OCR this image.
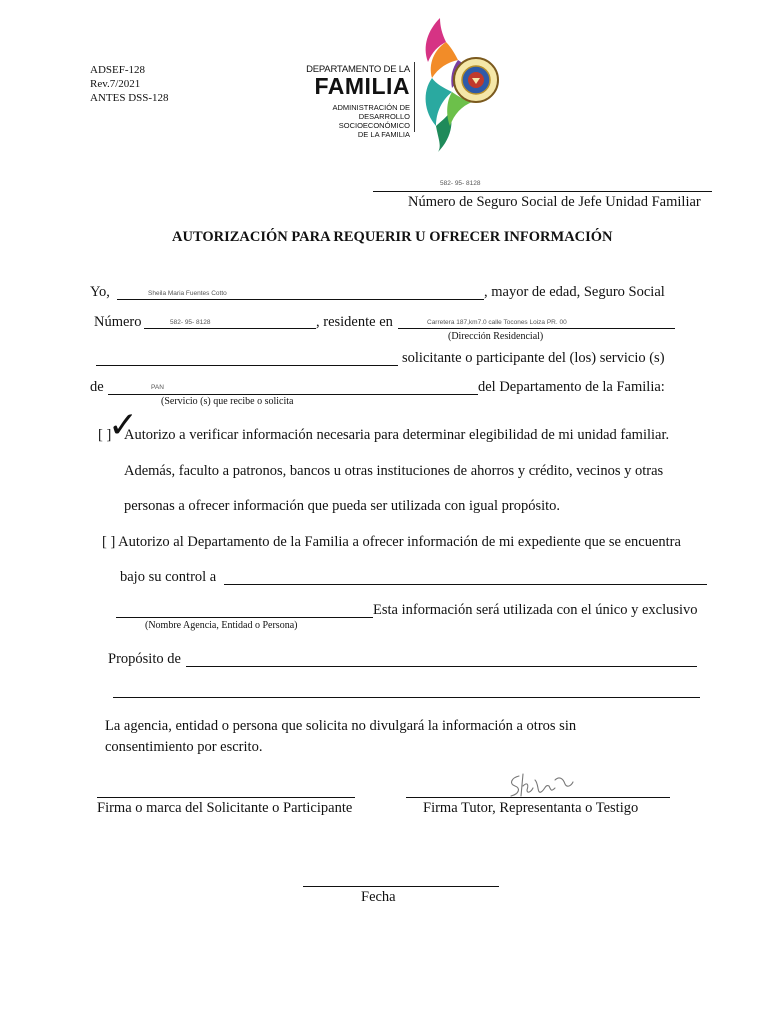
ADSEF-128
Rev.7/2021
ANTES DSS-128
DEPARTAMENTO DE LA
FAMILIA
ADMINISTRACIÓN DE
DESARROLLO
SOCIOECONÓMICO
DE LA FAMILIA
582- 95- 8128
Número de Seguro Social de Jefe Unidad Familiar
AUTORIZACIÓN PARA REQUERIR U OFRECER INFORMACIÓN
Yo,	Sheila Maria Fuentes Cotto	, mayor de edad, Seguro Social
Número	582- 95- 8128	, residente en	Carretera 187,km7.0 calle Tocones Loiza PR. 00
(Dirección Residencial)
solicitante o participante del (los) servicio (s)
de	PAN	del Departamento de la Familia:
(Servicio (s) que recibe o solicita
[ ]
✓
Autorizo a verificar información necesaria para determinar elegibilidad de mi unidad familiar.
Además, faculto a patronos, bancos u otras instituciones de ahorros y crédito, vecinos y otras
personas a ofrecer información que pueda ser utilizada con igual propósito.
[ ] Autorizo al Departamento de la Familia a ofrecer información de mi expediente que se encuentra
bajo su control a
Esta información será utilizada con el único y exclusivo
(Nombre Agencia, Entidad o Persona)
Propósito de
La agencia, entidad o persona que solicita no divulgará la información a otros sin
consentimiento por escrito.
Firma o marca del Solicitante o Participante	Firma Tutor, Representanta o Testigo
Fecha
